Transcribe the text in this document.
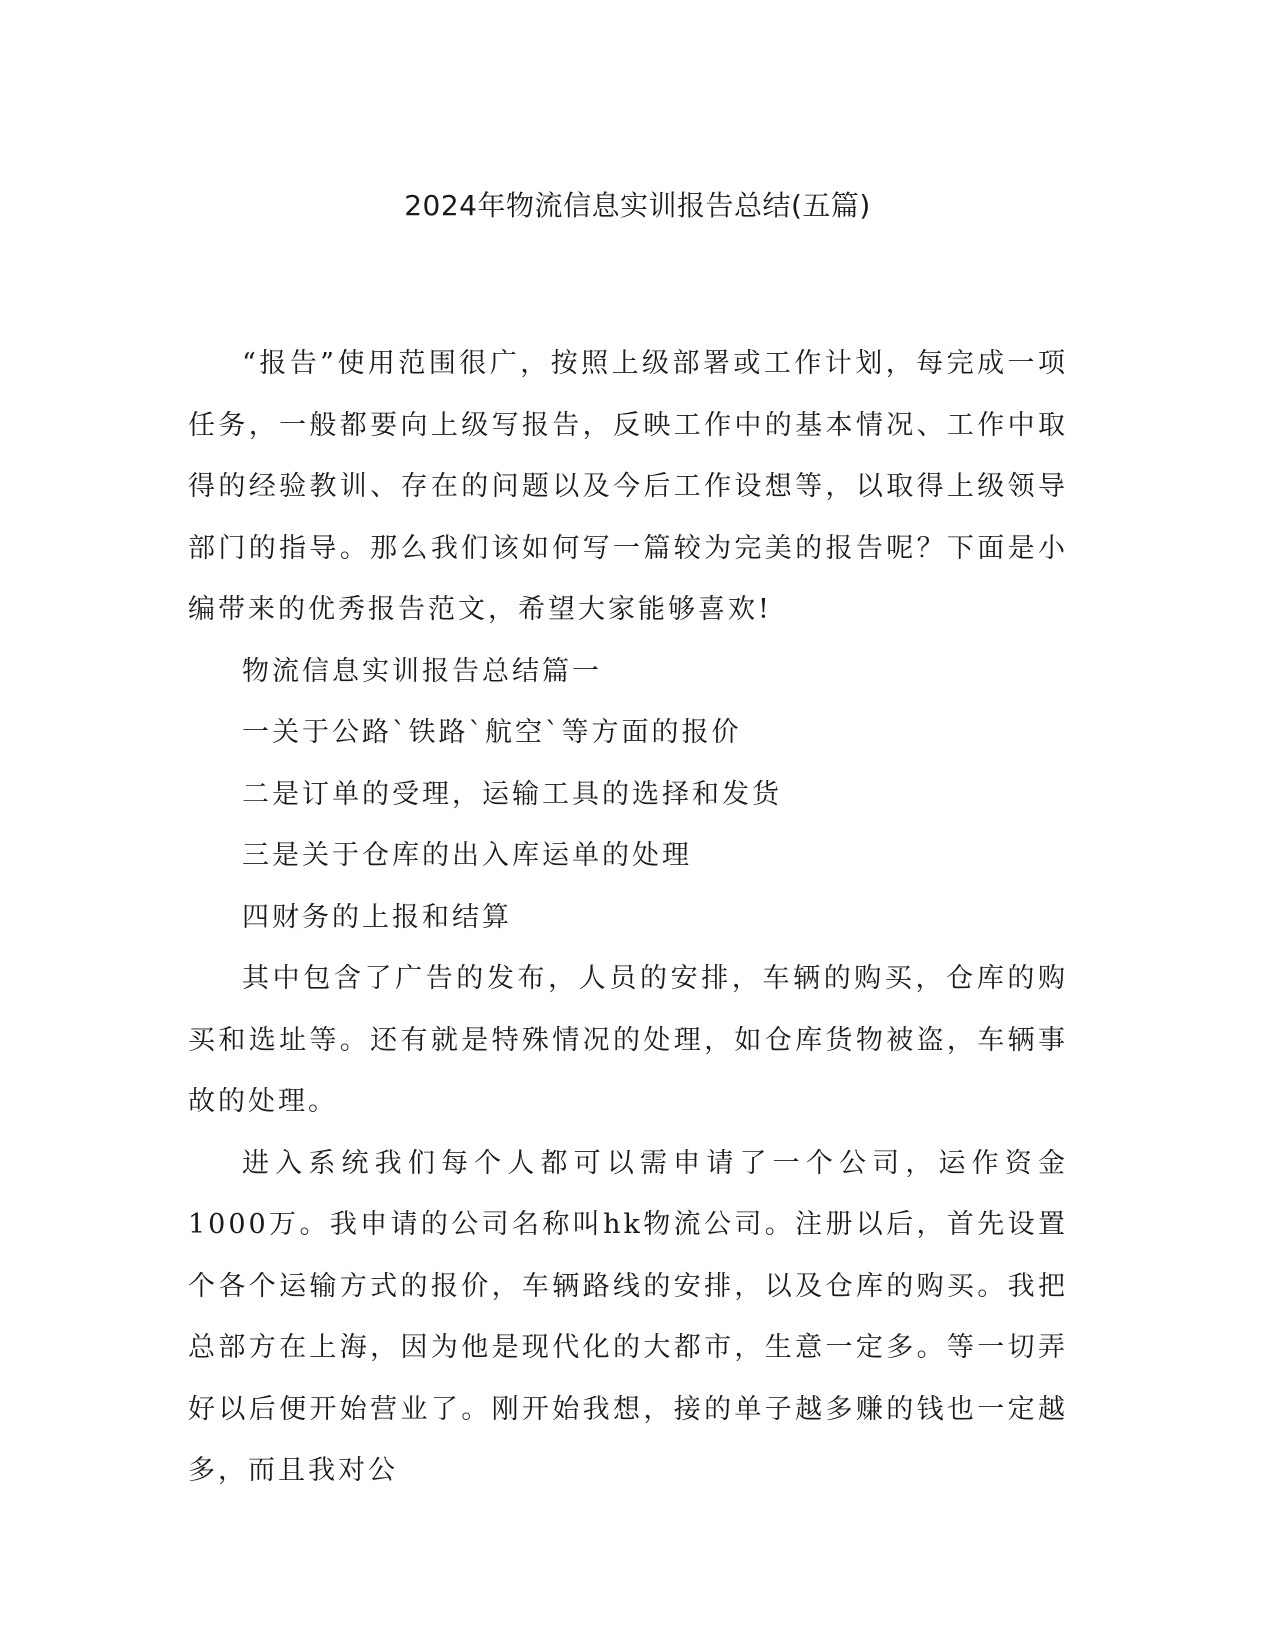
2024年物流信息实训报告总结(五篇)

“报告”使用范围很广，按照上级部署或工作计划，每完成一项任务，一般都要向上级写报告，反映工作中的基本情况、工作中取得的经验教训、存在的问题以及今后工作设想等，以取得上级领导部门的指导。那么我们该如何写一篇较为完美的报告呢？下面是小编带来的优秀报告范文，希望大家能够喜欢!

物流信息实训报告总结篇一

一关于公路`铁路`航空`等方面的报价

二是订单的受理，运输工具的选择和发货

三是关于仓库的出入库运单的处理

四财务的上报和结算

其中包含了广告的发布，人员的安排，车辆的购买，仓库的购买和选址等。还有就是特殊情况的处理，如仓库货物被盗，车辆事故的处理。

进入系统我们每个人都可以需申请了一个公司，运作资金1000万。我申请的公司名称叫hk物流公司。注册以后，首先设置个各个运输方式的报价，车辆路线的安排，以及仓库的购买。我把总部方在上海，因为他是现代化的大都市，生意一定多。等一切弄好以后便开始营业了。刚开始我想，接的单子越多赚的钱也一定越多，而且我对公
